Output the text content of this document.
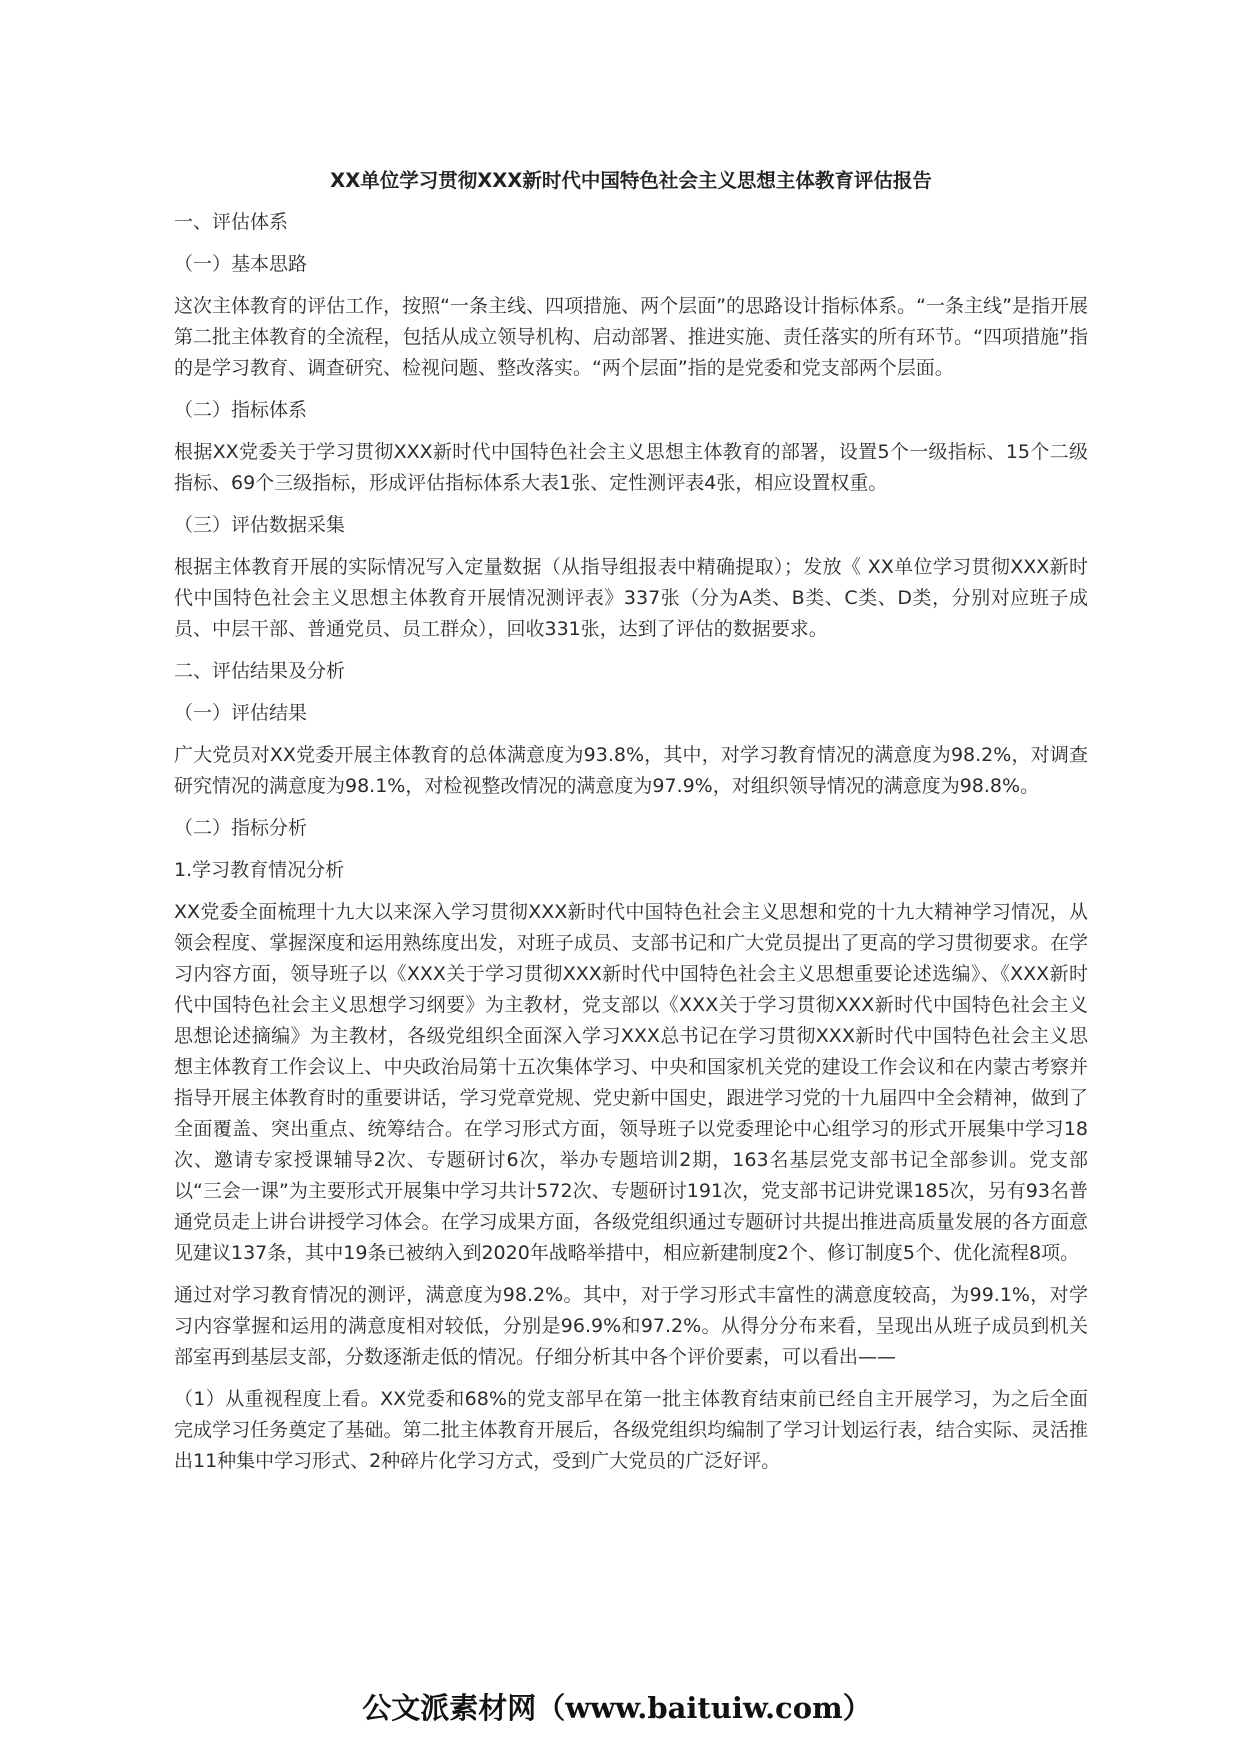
XX单位学习贯彻XXX新时代中国特色社会主义思想主体教育评估报告
一、评估体系
（一）基本思路
这次主体教育的评估工作，按照“一条主线、四项措施、两个层面”的思路设计指标体系。“一条主线”是指开展第二批主体教育的全流程，包括从成立领导机构、启动部署、推进实施、责任落实的所有环节。“四项措施”指的是学习教育、调查研究、检视问题、整改落实。“两个层面”指的是党委和党支部两个层面。
（二）指标体系
根据XX党委关于学习贯彻XXX新时代中国特色社会主义思想主体教育的部署，设置5个一级指标、15个二级指标、69个三级指标，形成评估指标体系大表1张、定性测评表4张，相应设置权重。
（三）评估数据采集
根据主体教育开展的实际情况写入定量数据（从指导组报表中精确提取）；发放《 XX单位学习贯彻XXX新时代中国特色社会主义思想主体教育开展情况测评表》337张（分为A类、B类、C类、D类，分别对应班子成员、中层干部、普通党员、员工群众），回收331张，达到了评估的数据要求。
二、评估结果及分析
（一）评估结果
广大党员对XX党委开展主体教育的总体满意度为93.8%，其中，对学习教育情况的满意度为98.2%，对调查研究情况的满意度为98.1%，对检视整改情况的满意度为97.9%，对组织领导情况的满意度为98.8%。
（二）指标分析
1.学习教育情况分析
XX党委全面梳理十九大以来深入学习贯彻XXX新时代中国特色社会主义思想和党的十九大精神学习情况，从领会程度、掌握深度和运用熟练度出发，对班子成员、支部书记和广大党员提出了更高的学习贯彻要求。在学习内容方面，领导班子以《XXX关于学习贯彻XXX新时代中国特色社会主义思想重要论述选编》、《XXX新时代中国特色社会主义思想学习纲要》为主教材，党支部以《XXX关于学习贯彻XXX新时代中国特色社会主义思想论述摘编》为主教材，各级党组织全面深入学习XXX总书记在学习贯彻XXX新时代中国特色社会主义思想主体教育工作会议上、中央政治局第十五次集体学习、中央和国家机关党的建设工作会议和在内蒙古考察并指导开展主体教育时的重要讲话，学习党章党规、党史新中国史，跟进学习党的十九届四中全会精神，做到了全面覆盖、突出重点、统筹结合。在学习形式方面，领导班子以党委理论中心组学习的形式开展集中学习18次、邀请专家授课辅导2次、专题研讨6次，举办专题培训2期，163名基层党支部书记全部参训。党支部以“三会一课”为主要形式开展集中学习共计572次、专题研讨191次，党支部书记讲党课185次，另有93名普通党员走上讲台讲授学习体会。在学习成果方面，各级党组织通过专题研讨共提出推进高质量发展的各方面意见建议137条，其中19条已被纳入到2020年战略举措中，相应新建制度2个、修订制度5个、优化流程8项。
通过对学习教育情况的测评，满意度为98.2%。其中，对于学习形式丰富性的满意度较高，为99.1%，对学习内容掌握和运用的满意度相对较低，分别是96.9%和97.2%。从得分分布来看，呈现出从班子成员到机关部室再到基层支部，分数逐渐走低的情况。仔细分析其中各个评价要素，可以看出——
（1）从重视程度上看。XX党委和68%的党支部早在第一批主体教育结束前已经自主开展学习，为之后全面完成学习任务奠定了基础。第二批主体教育开展后，各级党组织均编制了学习计划运行表，结合实际、灵活推出11种集中学习形式、2种碎片化学习方式，受到广大党员的广泛好评。
公文派素材网（www.baituiw.com）
